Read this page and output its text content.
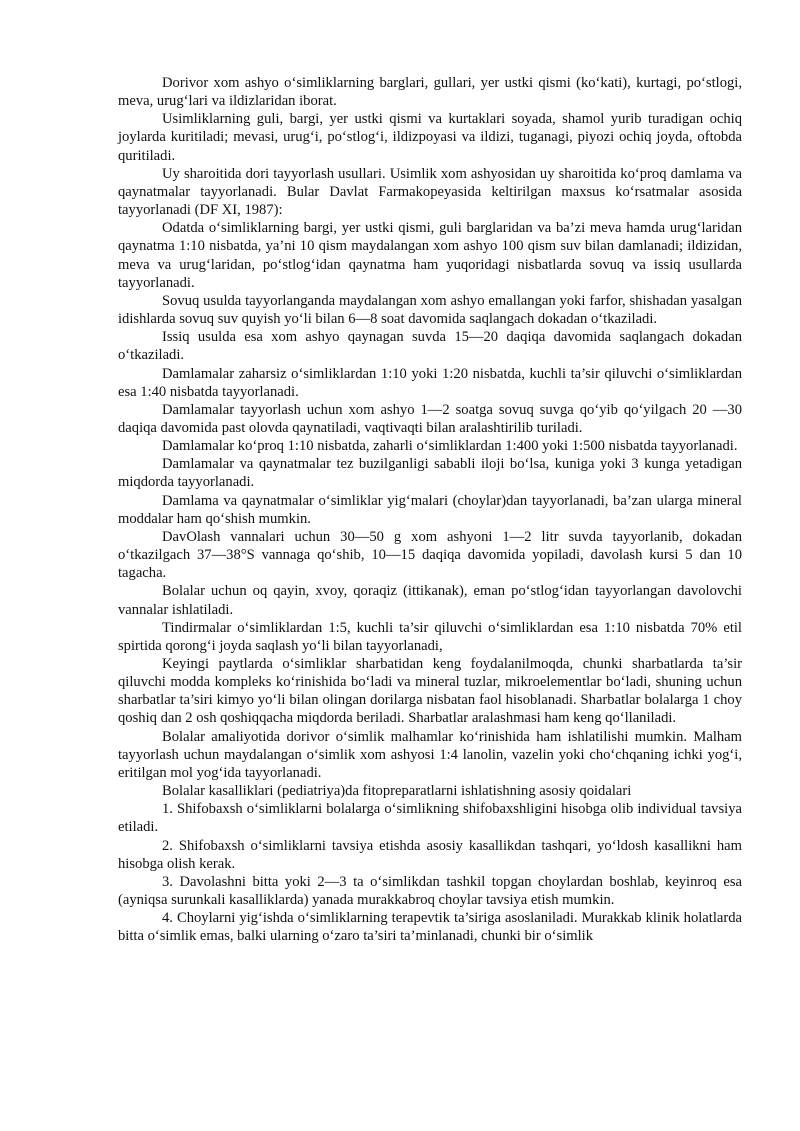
Dorivor xom ashyo o‘simliklarning barglari, gullari, yer ustki qismi (ko‘kati), kurtagi, po‘stlogi, meva, urug‘lari va ildizlaridan iborat.

Usimliklarning guli, bargi, yer ustki qismi va kurtaklari soyada, shamol yurib turadigan ochiq joylarda kuritiladi; mevasi, urug‘i, po‘stlog‘i, ildizpoyasi va ildizi, tuganagi, piyozi ochiq joyda, oftobda quritiladi.

Uy sharoitida dori tayyorlash usullari. Usimlik xom ashyosidan uy sharoitida ko‘proq damlama va qaynatmalar tayyorlanadi. Bular Davlat Farmakopeyasida keltirilgan maxsus ko‘rsatmalar asosida tayyorlanadi (DF XI, 1987):

Odatda o‘simliklarning bargi, yer ustki qismi, guli barglaridan va ba’zi meva hamda urug‘laridan qaynatma 1:10 nisbatda, ya’ni 10 qism maydalangan xom ashyo 100 qism suv bilan damlanadi; ildizidan, meva va urug‘laridan, po‘stlog‘idan qaynatma ham yuqoridagi nisbatlarda sovuq va issiq usullarda tayyorlanadi.

Sovuq usulda tayyorlanganda maydalangan xom ashyo emallangan yoki farfor, shishadan yasalgan idishlarda sovuq suv quyish yo‘li bilan 6—8 soat davomida saqlangach dokadan o‘tkaziladi.

Issiq usulda esa xom ashyo qaynagan suvda 15—20 daqiqa davomida saqlangach dokadan o‘tkaziladi.

Damlamalar zaharsiz o‘simliklardan 1:10 yoki 1:20 nisbatda, kuchli ta’sir qiluvchi o‘simliklardan esa 1:40 nisbatda tayyorlanadi.

Damlamalar tayyorlash uchun xom ashyo 1—2 soatga sovuq suvga qo‘yib qo‘yilgach 20 —30 daqiqa davomida past olovda qaynatiladi, vaqtivaqti bilan aralashtirilib turiladi.

Damlamalar ko‘proq 1:10 nisbatda, zaharli o‘simliklardan 1:400 yoki 1:500 nisbatda tayyorlanadi.

Damlamalar va qaynatmalar tez buzilganligi sababli iloji bo‘lsa, kuniga yoki 3 kunga yetadigan miqdorda tayyorlanadi.

Damlama va qaynatmalar o‘simliklar yig‘malari (choylar)dan tayyorlanadi, ba’zan ularga mineral moddalar ham qo‘shish mumkin.

DavOlash vannalari uchun 30—50 g xom ashyoni 1—2 litr suvda tayyorlanib, dokadan o‘tkazilgach 37—38°S vannaga qo‘shib, 10—15 daqiqa davomida yopiladi, davolash kursi 5 dan 10 tagacha.

Bolalar uchun oq qayin, xvoy, qoraqiz (ittikanak), eman po‘stlog‘idan tayyorlangan davolovchi vannalar ishlatiladi.

Tindirmalar o‘simliklardan 1:5, kuchli ta’sir qiluvchi o‘simliklardan esa 1:10 nisbatda 70% etil spirtida qorong‘i joyda saqlash yo‘li bilan tayyorlanadi,

Keyingi paytlarda o‘simliklar sharbatidan keng foydalanilmoqda, chunki sharbatlarda ta’sir qiluvchi modda kompleks ko‘rinishida bo‘ladi va mineral tuzlar, mikroelementlar bo‘ladi, shuning uchun sharbatlar ta’siri kimyo yo‘li bilan olingan dorilarga nisbatan faol hisoblanadi. Sharbatlar bolalarga 1 choy qoshiq dan 2 osh qoshiqqacha miqdorda beriladi. Sharbatlar aralashmasi ham keng qo‘llaniladi.

Bolalar amaliyotida dorivor o‘simlik malhamlar ko‘rinishida ham ishlatilishi mumkin. Malham tayyorlash uchun maydalangan o‘simlik xom ashyosi 1:4 lanolin, vazelin yoki cho‘chqaning ichki yog‘i, eritilgan mol yog‘ida tayyorlanadi.

Bolalar kasalliklari (pediatriya)da fitopreparatlarni ishlatishning asosiy qoidalari

1. Shifobaxsh o‘simliklarni bolalarga o‘simlikning shifobaxshligini hisobga olib individual tavsiya etiladi.

2. Shifobaxsh o‘simliklarni tavsiya etishda asosiy kasallikdan tashqari, yo‘ldosh kasallikni ham hisobga olish kerak.

3. Davolashni bitta yoki 2—3 ta o‘simlikdan tashkil topgan choylardan boshlab, keyinroq esa (ayniqsa surunkali kasalliklarda) yanada murakkabroq choylar tavsiya etish mumkin.

4. Choylarni yig‘ishda o‘simliklarning terapevtik ta’siriga asoslaniladi. Murakkab klinik holatlarda bitta o‘simlik emas, balki ularning o‘zaro ta’siri ta’minlanadi, chunki bir o‘simlik
